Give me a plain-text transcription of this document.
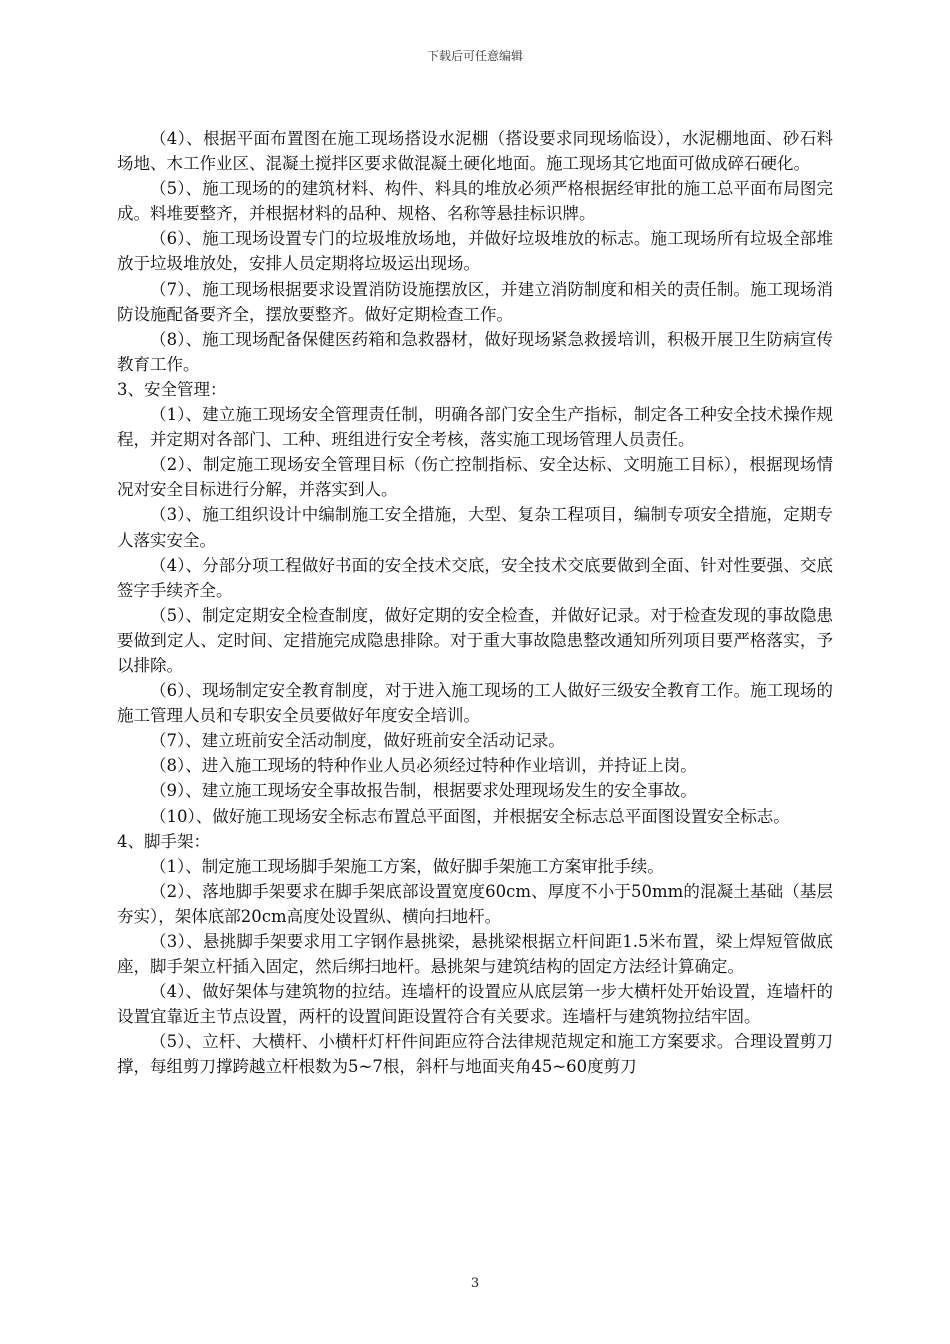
下载后可任意编辑

（4）、根据平面布置图在施工现场搭设水泥棚（搭设要求同现场临设），水泥棚地面、砂石料场地、木工作业区、混凝土搅拌区要求做混凝土硬化地面。施工现场其它地面可做成碎石硬化。

（5）、施工现场的的建筑材料、构件、料具的堆放必须严格根据经审批的施工总平面布局图完成。料堆要整齐，并根据材料的品种、规格、名称等悬挂标识牌。

（6）、施工现场设置专门的垃圾堆放场地，并做好垃圾堆放的标志。施工现场所有垃圾全部堆放于垃圾堆放处，安排人员定期将垃圾运出现场。

（7）、施工现场根据要求设置消防设施摆放区，并建立消防制度和相关的责任制。施工现场消防设施配备要齐全，摆放要整齐。做好定期检查工作。

（8）、施工现场配备保健医药箱和急救器材，做好现场紧急救援培训，积极开展卫生防病宣传教育工作。

3、安全管理：

（1）、建立施工现场安全管理责任制，明确各部门安全生产指标，制定各工种安全技术操作规程，并定期对各部门、工种、班组进行安全考核，落实施工现场管理人员责任。

（2）、制定施工现场安全管理目标（伤亡控制指标、安全达标、文明施工目标），根据现场情况对安全目标进行分解，并落实到人。

（3）、施工组织设计中编制施工安全措施，大型、复杂工程项目，编制专项安全措施，定期专人落实安全。

（4）、分部分项工程做好书面的安全技术交底，安全技术交底要做到全面、针对性要强、交底签字手续齐全。

（5）、制定定期安全检查制度，做好定期的安全检查，并做好记录。对于检查发现的事故隐患要做到定人、定时间、定措施完成隐患排除。对于重大事故隐患整改通知所列项目要严格落实，予以排除。

（6）、现场制定安全教育制度，对于进入施工现场的工人做好三级安全教育工作。施工现场的施工管理人员和专职安全员要做好年度安全培训。

（7）、建立班前安全活动制度，做好班前安全活动记录。

（8）、进入施工现场的特种作业人员必须经过特种作业培训，并持证上岗。

（9）、建立施工现场安全事故报告制，根据要求处理现场发生的安全事故。

（10）、做好施工现场安全标志布置总平面图，并根据安全标志总平面图设置安全标志。

4、脚手架：

（1）、制定施工现场脚手架施工方案，做好脚手架施工方案审批手续。

（2）、落地脚手架要求在脚手架底部设置宽度60cm、厚度不小于50mm的混凝土基础（基层夯实），架体底部20cm高度处设置纵、横向扫地杆。

（3）、悬挑脚手架要求用工字钢作悬挑梁，悬挑梁根据立杆间距1.5米布置，梁上焊短管做底座，脚手架立杆插入固定，然后绑扫地杆。悬挑架与建筑结构的固定方法经计算确定。

（4）、做好架体与建筑物的拉结。连墙杆的设置应从底层第一步大横杆处开始设置，连墙杆的设置宜靠近主节点设置，两杆的设置间距设置符合有关要求。连墙杆与建筑物拉结牢固。

（5）、立杆、大横杆、小横杆灯杆件间距应符合法律规范规定和施工方案要求。合理设置剪刀撑，每组剪刀撑跨越立杆根数为5~7根，斜杆与地面夹角45~60度剪刀

3
